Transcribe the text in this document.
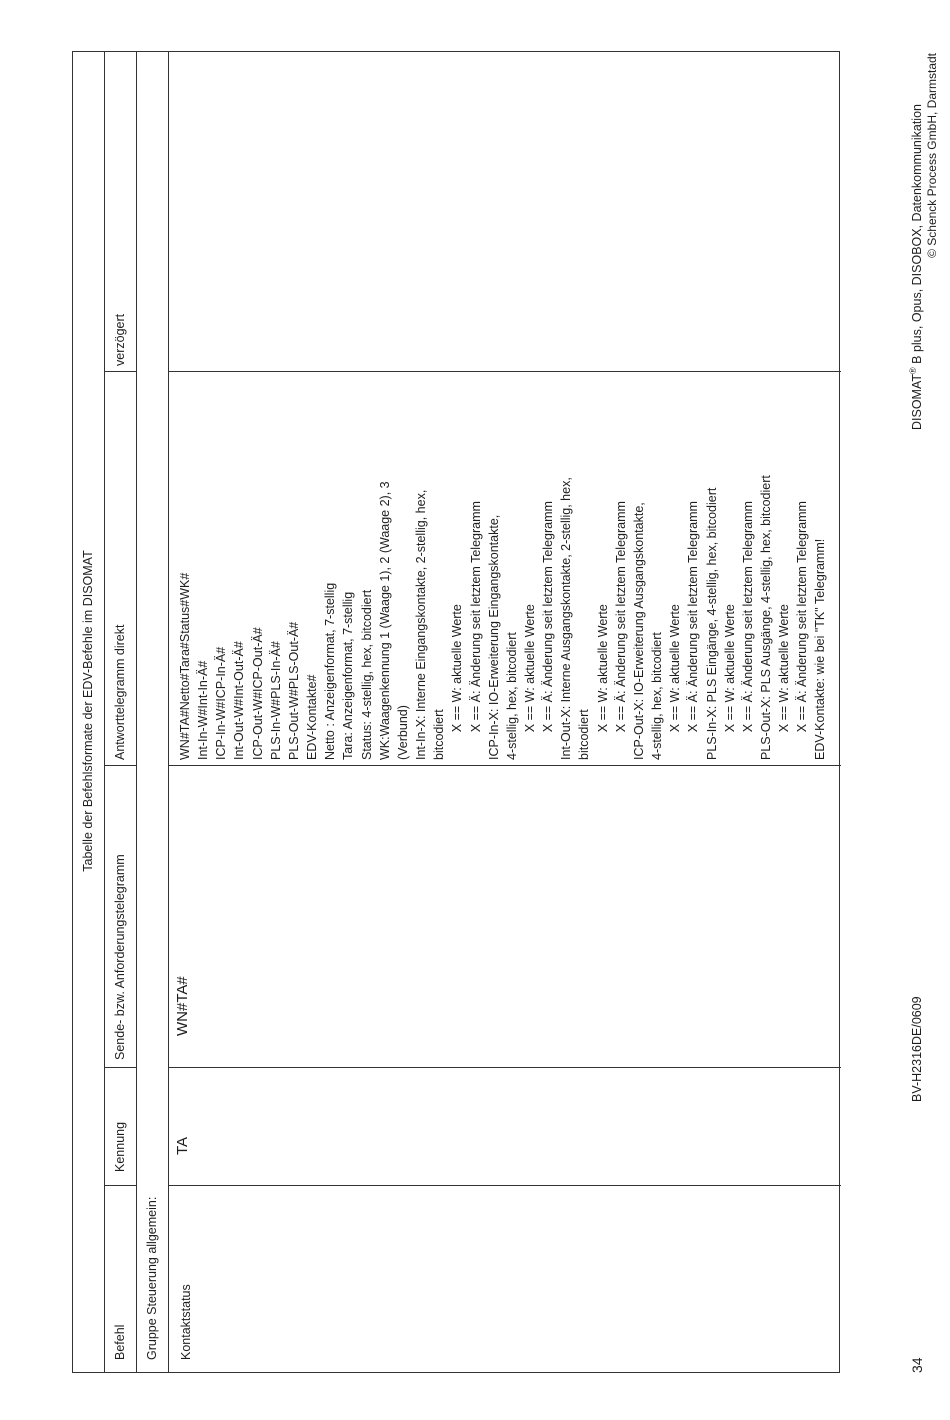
Tabelle der Befehlsformate der EDV-Befehle im DISOMAT
Befehl
Kennung
Sende- bzw. Anforderungstelegramm
Antworttelegramm direkt
verzögert
Gruppe Steuerung allgemein: Kontaktstatus
TA
WN#TA#
WN#TA#Netto#Tara#Status#WK# Int-In-W#Int-In-Ä# ICP-In-W#ICP-In-Ä# Int-Out-W#Int-Out-Ä# ICP-Out-W#ICP-Out-Ä# PLS-In-W#PLS-In-Ä# PLS-Out-W#PLS-Out-Ä# EDV-Kontakte# Netto : Anzeigenformat, 7-stellig Tara: Anzeigenformat, 7-stellig Status: 4-stellig, hex, bitcodiert WK:Waagenkennung 1 (Waage 1), 2 (Waage 2), 3 (Verbund) Int-In-X: Interne Eingangskontakte, 2-stellig, hex, bitcodiert X == W: aktuelle Werte X == Ä: Änderung seit letztem Telegramm ICP-In-X: IO-Erweiterung Eingangskontakte, 4-stellig, hex, bitcodiert X == W: aktuelle Werte X == Ä: Änderung seit letztem Telegramm Int-Out-X: Interne Ausgangskontakte, 2-stellig, hex, bitcodiert X == W: aktuelle Werte X == Ä: Änderung seit letztem Telegramm ICP-Out-X: IO-Erweiterung Ausgangskontakte, 4-stellig, hex, bitcodiert X == W: aktuelle Werte X == Ä: Änderung seit letztem Telegramm PLS-In-X: PLS Eingänge, 4-stellig, hex, bitcodiert X == W: aktuelle Werte X == Ä: Änderung seit letztem Telegramm PLS-Out-X: PLS Ausgänge, 4-stellig, hex, bitcodiert X == W: aktuelle Werte X == Ä: Änderung seit letztem Telegramm EDV-Kontakte: wie bei "TK" Telegramm!
34
BV-H2316DE/0609
DISOMAT® B plus, Opus, DISOBOX, Datenkommunikation © Schenck Process GmbH, Darmstadt
